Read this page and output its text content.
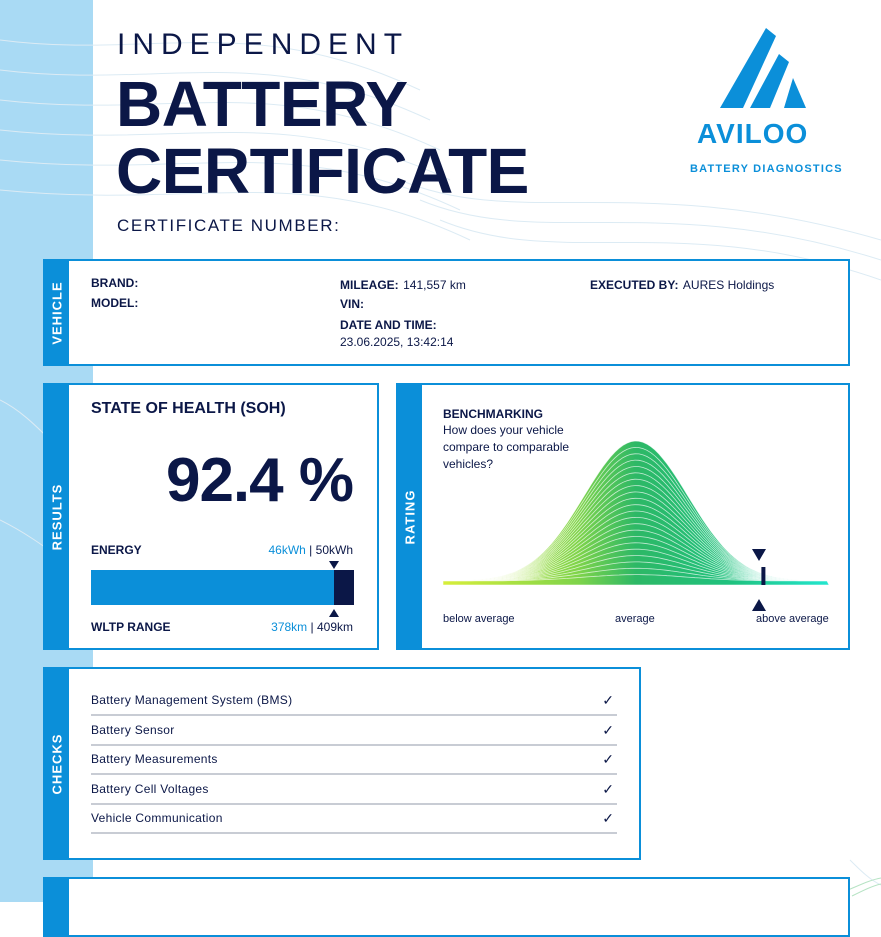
INDEPENDENT
BATTERY
CERTIFICATE
CERTIFICATE NUMBER:
AVILOO
BATTERY DIAGNOSTICS
VEHICLE BRAND:
MODEL:
MILEAGE: 141,557 km
VIN:
DATE AND TIME:
23.06.2025, 13:42:14
EXECUTED BY: AURES Holdings
RESULTS
STATE OF HEALTH (SOH)
92.4 %
ENERGY	46kWh | 50kWh
WLTP RANGE	378km | 409km
RATING
BENCHMARKING
How does your vehicle compare to comparable vehicles?
below average	average	above average
CHECKS
Battery Management System (BMS)	✓
Battery Sensor	✓
Battery Measurements	✓
Battery Cell Voltages	✓
Vehicle Communication	✓
